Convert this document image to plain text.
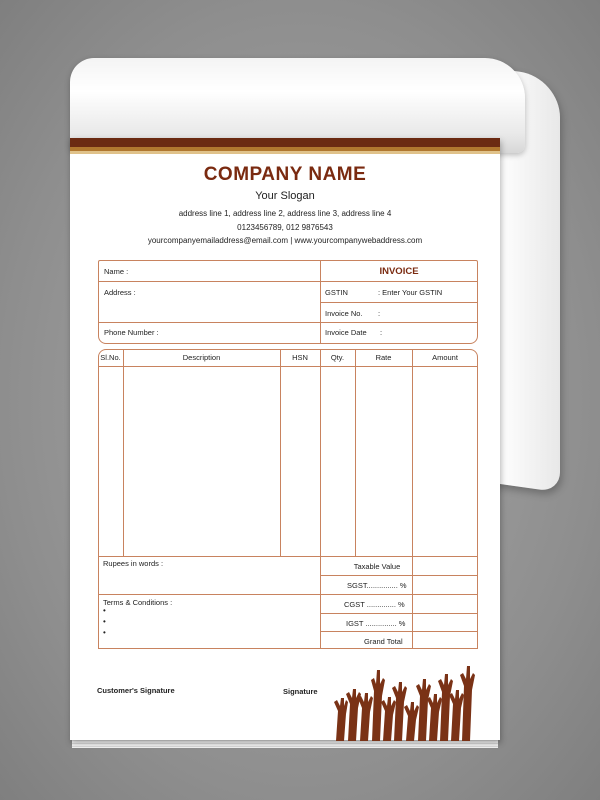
COMPANY NAME
Your Slogan
address line 1, address line 2, address line 3, address line 4
0123456789, 012 9876543
yourcompanyemailaddress@email.com | www.yourcompanywebaddress.com
Name :
Address :
Phone Number :
INVOICE
GSTIN	: Enter Your GSTIN
Invoice No. :
Invoice Date :
Sl.No.	Description	HSN	Qty.	Rate	Amount
Rupees in words :
Terms & Conditions :
•
•
•
Taxable Value
SGST............... %
CGST .............. %
IGST ............... %
Grand Total
Customer's Signature	Signature
